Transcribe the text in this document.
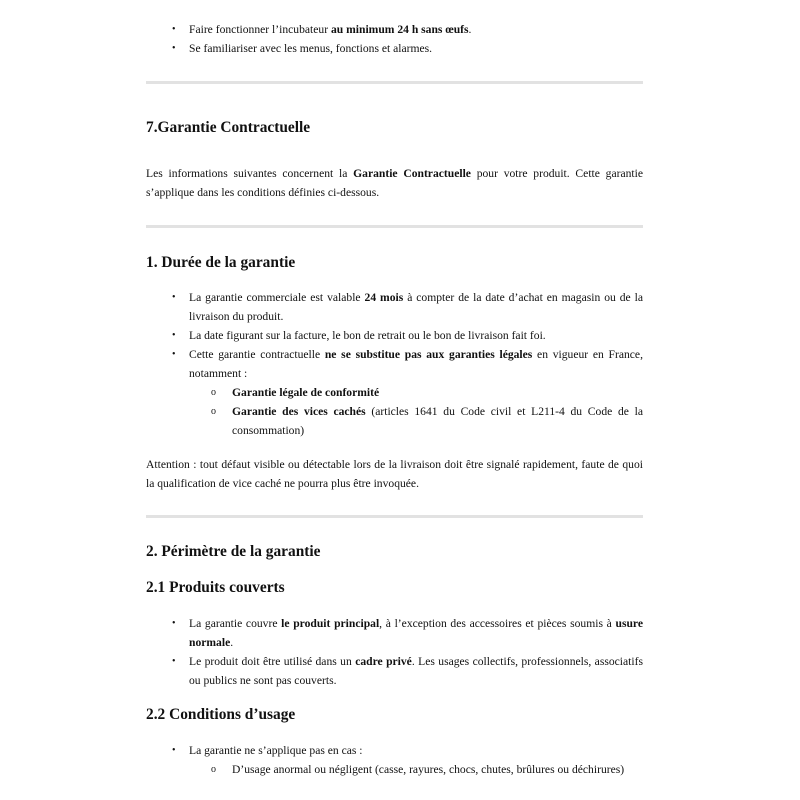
• Faire fonctionner l’incubateur au minimum 24 h sans œufs.
• Se familiariser avec les menus, fonctions et alarmes.
7.Garantie Contractuelle

Les informations suivantes concernent la Garantie Contractuelle pour votre produit. Cette garantie s’applique dans les conditions définies ci-dessous.

1. Durée de la garantie
• La garantie commerciale est valable 24 mois à compter de la date d’achat en magasin ou de la livraison du produit.
• La date figurant sur la facture, le bon de retrait ou le bon de livraison fait foi.
• Cette garantie contractuelle ne se substitue pas aux garanties légales en vigueur en France, notamment :
o Garantie légale de conformité
o Garantie des vices cachés (articles 1641 du Code civil et L211-4 du Code de la consommation)

Attention : tout défaut visible ou détectable lors de la livraison doit être signalé rapidement, faute de quoi la qualification de vice caché ne pourra plus être invoquée.

2. Périmètre de la garantie
2.1 Produits couverts
• La garantie couvre le produit principal, à l’exception des accessoires et pièces soumis à usure normale.
• Le produit doit être utilisé dans un cadre privé. Les usages collectifs, professionnels, associatifs ou publics ne sont pas couverts.
2.2 Conditions d’usage
• La garantie ne s’applique pas en cas :
o D’usage anormal ou négligent (casse, rayures, chocs, chutes, brûlures ou déchirures)
